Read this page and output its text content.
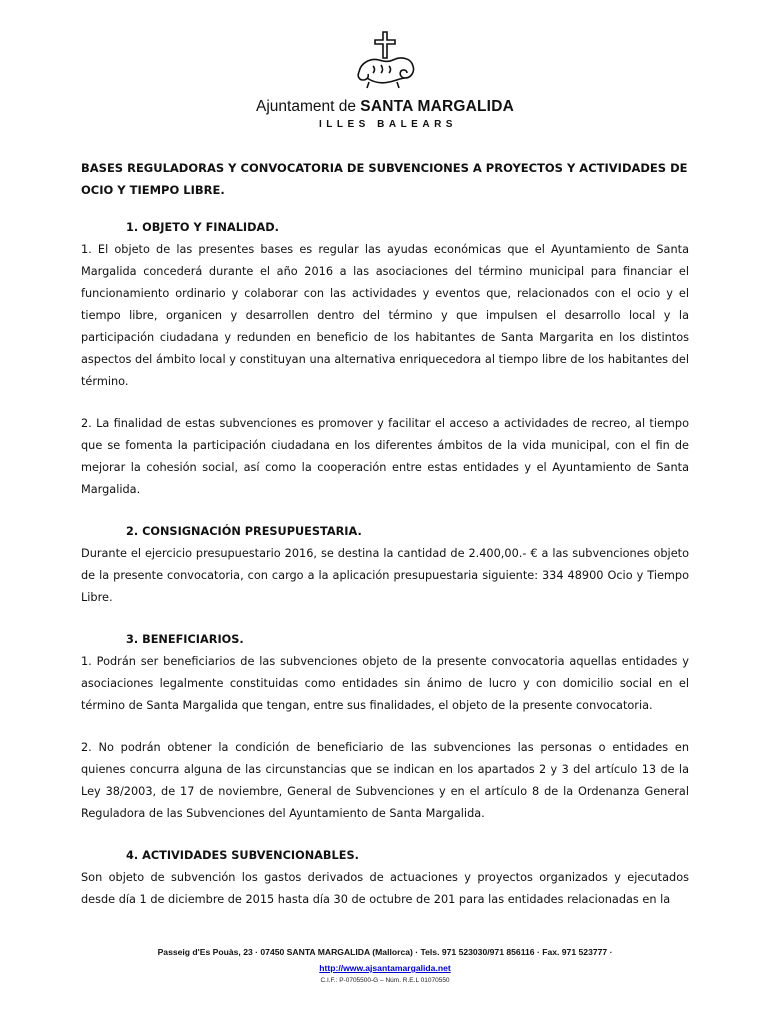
Ajuntament de SANTA MARGALIDA
ILLES BALEARS

BASES REGULADORAS Y CONVOCATORIA DE SUBVENCIONES A PROYECTOS Y ACTIVIDADES DE OCIO Y TIEMPO LIBRE.

1. OBJETO Y FINALIDAD.

1. El objeto de las presentes bases es regular las ayudas económicas que el Ayuntamiento de Santa Margalida concederá durante el año 2016 a las asociaciones del término municipal para financiar el funcionamiento ordinario y colaborar con las actividades y eventos que, relacionados con el ocio y el tiempo libre, organicen y desarrollen dentro del término y que impulsen el desarrollo local y la participación ciudadana y redunden en beneficio de los habitantes de Santa Margarita en los distintos aspectos del ámbito local y constituyan una alternativa enriquecedora al tiempo libre de los habitantes del término.

2. La finalidad de estas subvenciones es promover y facilitar el acceso a actividades de recreo, al tiempo que se fomenta la participación ciudadana en los diferentes ámbitos de la vida municipal, con el fin de mejorar la cohesión social, así como la cooperación entre estas entidades y el Ayuntamiento de Santa Margalida.

2. CONSIGNACIÓN PRESUPUESTARIA.

Durante el ejercicio presupuestario 2016, se destina la cantidad de 2.400,00.- € a las subvenciones objeto de la presente convocatoria, con cargo a la aplicación presupuestaria siguiente: 334 48900 Ocio y Tiempo Libre.

3. BENEFICIARIOS.

1. Podrán ser beneficiarios de las subvenciones objeto de la presente convocatoria aquellas entidades y asociaciones legalmente constituidas como entidades sin ánimo de lucro y con domicilio social en el término de Santa Margalida que tengan, entre sus finalidades, el objeto de la presente convocatoria.

2. No podrán obtener la condición de beneficiario de las subvenciones las personas o entidades en quienes concurra alguna de las circunstancias que se indican en los apartados 2 y 3 del artículo 13 de la Ley 38/2003, de 17 de noviembre, General de Subvenciones y en el artículo 8 de la Ordenanza General Reguladora de las Subvenciones del Ayuntamiento de Santa Margalida.

4. ACTIVIDADES SUBVENCIONABLES.

Son objeto de subvención los gastos derivados de actuaciones y proyectos organizados y ejecutados desde día 1 de diciembre de 2015 hasta día 30 de octubre de 201 para las entidades relacionadas en la

Passeig d'Es Pouàs, 23 · 07450 SANTA MARGALIDA (Mallorca) · Tels. 971 523030/971 856116 · Fax. 971 523777 ·
http://www.ajsantamargalida.net
C.I.F.: P-0705500-G – Núm. R.E.L 01070550
